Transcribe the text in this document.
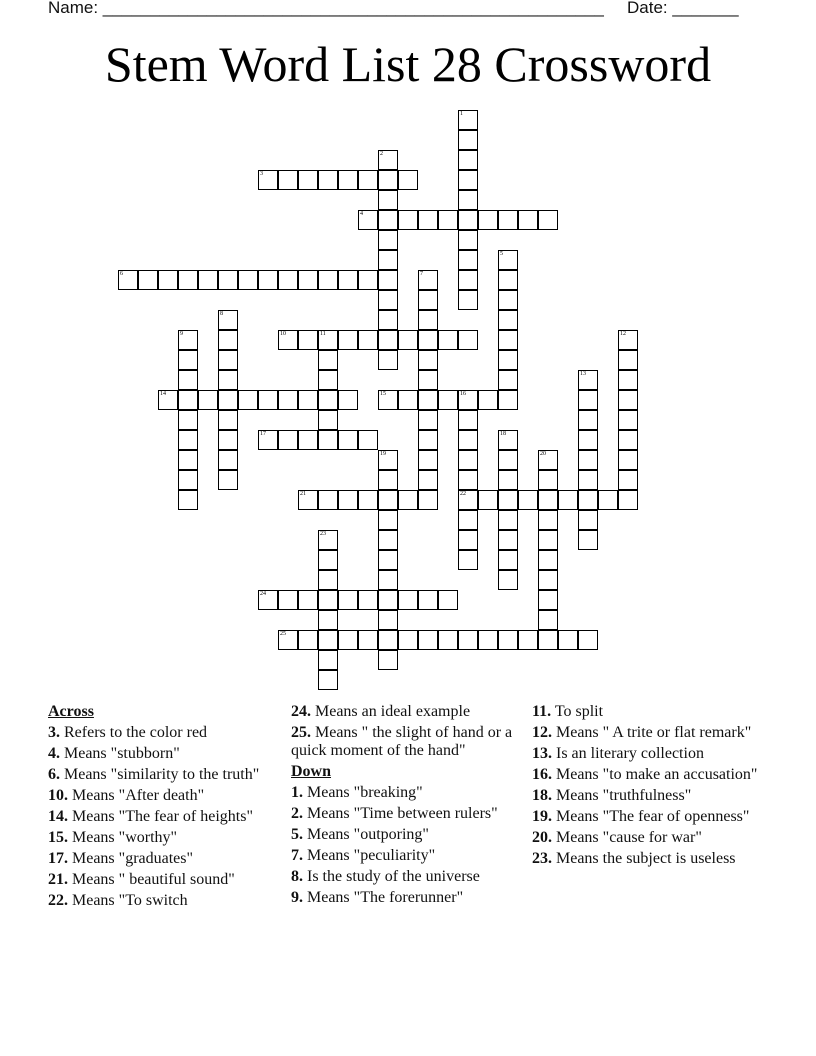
Name: _____________________________________________________ Date: _______
Stem Word List 28 Crossword
1
2
3
4
5
6	7
8
9	10	11	12
13
14	15	16
22
17	18
19	20
21
23
24
25
Across
3. Refers to the color red
4. Means "stubborn"
6. Means "similarity to the truth"
10. Means "After death"
14. Means "The fear of heights"
15. Means "worthy"
17. Means "graduates"
21. Means " beautiful sound"
22. Means "To switch
24. Means an ideal example
25. Means " the slight of hand or a quick moment of the hand"
Down
1. Means "breaking"
2. Means "Time between rulers"
5. Means "outporing"
7. Means "peculiarity"
8. Is the study of the universe
9. Means "The forerunner"
11. To split
12. Means " A trite or flat remark"
13. Is an literary collection
16. Means "to make an accusation"
18. Means "truthfulness"
19. Means "The fear of openness"
20. Means "cause for war"
23. Means the subject is useless
